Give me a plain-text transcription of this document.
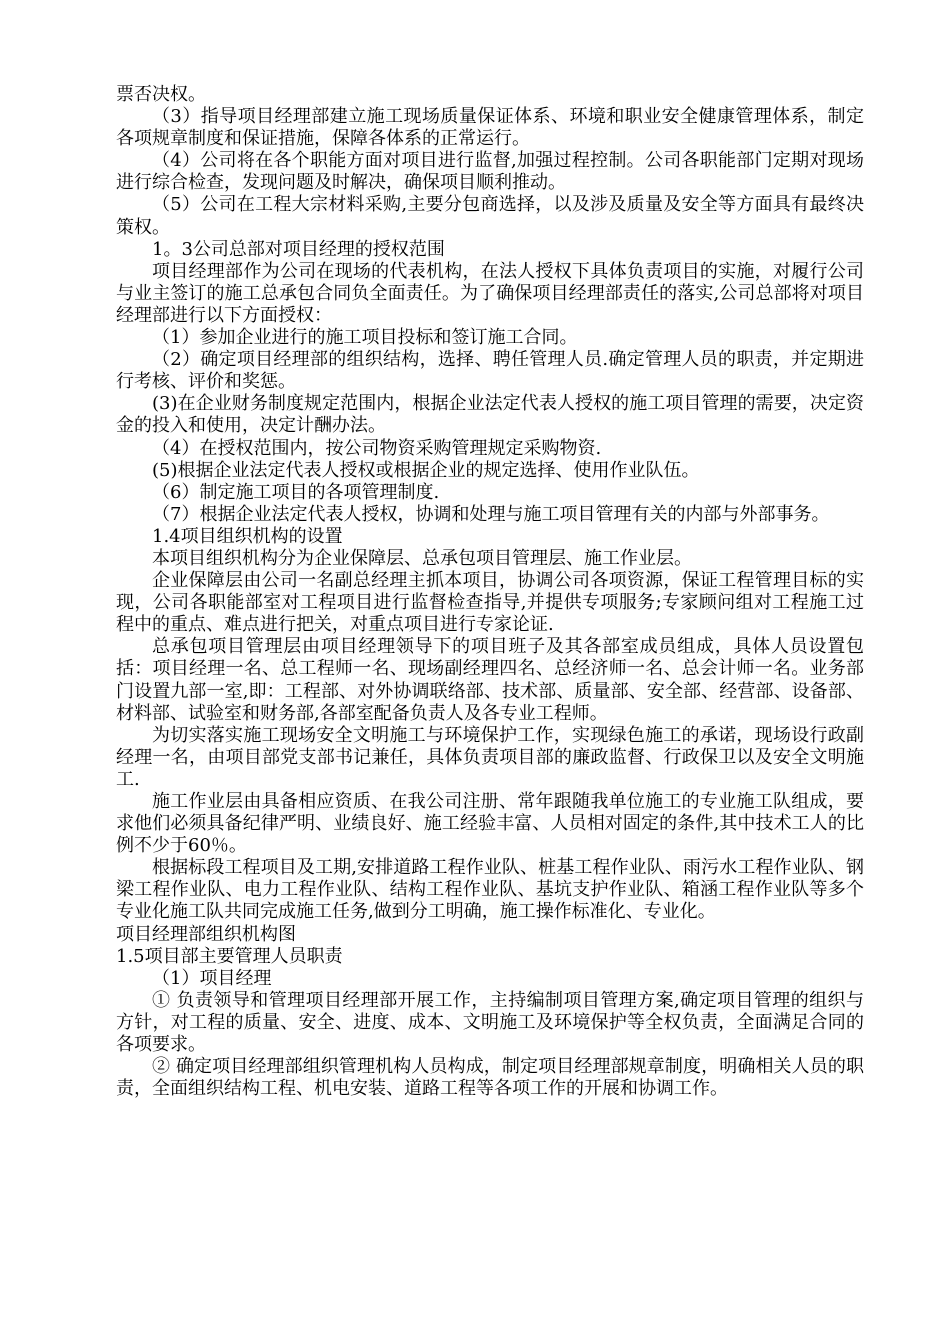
票否决权。

（3）指导项目经理部建立施工现场质量保证体系、环境和职业安全健康管理体系，制定各项规章制度和保证措施，保障各体系的正常运行。

（4）公司将在各个职能方面对项目进行监督,加强过程控制。公司各职能部门定期对现场进行综合检查，发现问题及时解决，确保项目顺利推动。

（5）公司在工程大宗材料采购,主要分包商选择，以及涉及质量及安全等方面具有最终决策权。

1。3公司总部对项目经理的授权范围

项目经理部作为公司在现场的代表机构，在法人授权下具体负责项目的实施，对履行公司与业主签订的施工总承包合同负全面责任。为了确保项目经理部责任的落实,公司总部将对项目经理部进行以下方面授权：

（1）参加企业进行的施工项目投标和签订施工合同。

（2）确定项目经理部的组织结构，选择、聘任管理人员.确定管理人员的职责，并定期进行考核、评价和奖惩。

(3)在企业财务制度规定范围内，根据企业法定代表人授权的施工项目管理的需要，决定资金的投入和使用，决定计酬办法。

（4）在授权范围内，按公司物资采购管理规定采购物资.

(5)根据企业法定代表人授权或根据企业的规定选择、使用作业队伍。

（6）制定施工项目的各项管理制度.

（7）根据企业法定代表人授权，协调和处理与施工项目管理有关的内部与外部事务。

1.4项目组织机构的设置

本项目组织机构分为企业保障层、总承包项目管理层、施工作业层。

企业保障层由公司一名副总经理主抓本项目，协调公司各项资源，保证工程管理目标的实现，公司各职能部室对工程项目进行监督检查指导,并提供专项服务;专家顾问组对工程施工过程中的重点、难点进行把关，对重点项目进行专家论证.

总承包项目管理层由项目经理领导下的项目班子及其各部室成员组成，具体人员设置包括：项目经理一名、总工程师一名、现场副经理四名、总经济师一名、总会计师一名。业务部门设置九部一室,即：工程部、对外协调联络部、技术部、质量部、安全部、经营部、设备部、材料部、试验室和财务部,各部室配备负责人及各专业工程师。

为切实落实施工现场安全文明施工与环境保护工作，实现绿色施工的承诺，现场设行政副经理一名，由项目部党支部书记兼任，具体负责项目部的廉政监督、行政保卫以及安全文明施工.

施工作业层由具备相应资质、在我公司注册、常年跟随我单位施工的专业施工队组成，要求他们必须具备纪律严明、业绩良好、施工经验丰富、人员相对固定的条件,其中技术工人的比例不少于60％。

根据标段工程项目及工期,安排道路工程作业队、桩基工程作业队、雨污水工程作业队、钢梁工程作业队、电力工程作业队、结构工程作业队、基坑支护作业队、箱涵工程作业队等多个专业化施工队共同完成施工任务,做到分工明确，施工操作标准化、专业化。

项目经理部组织机构图

1.5项目部主要管理人员职责

（1）项目经理

① 负责领导和管理项目经理部开展工作，主持编制项目管理方案,确定项目管理的组织与方针，对工程的质量、安全、进度、成本、文明施工及环境保护等全权负责，全面满足合同的各项要求。

② 确定项目经理部组织管理机构人员构成，制定项目经理部规章制度，明确相关人员的职责，全面组织结构工程、机电安装、道路工程等各项工作的开展和协调工作。
